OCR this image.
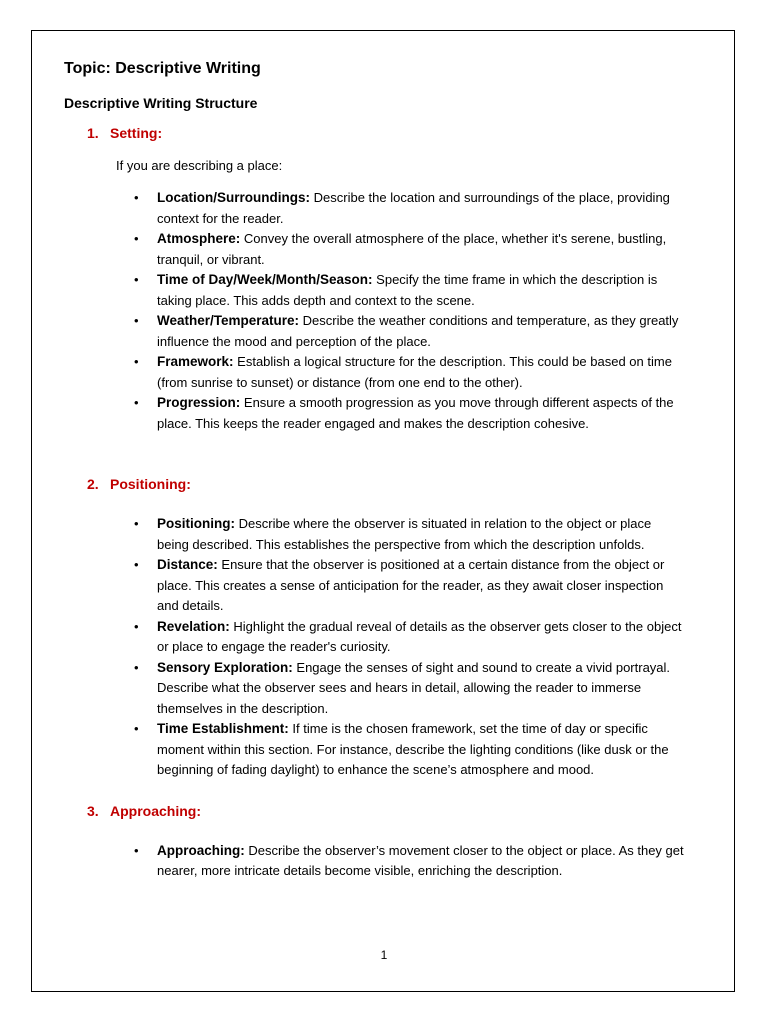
Topic: Descriptive Writing
Descriptive Writing Structure
1. Setting:
If you are describing a place:
• Location/Surroundings: Describe the location and surroundings of the place, providing context for the reader.
• Atmosphere: Convey the overall atmosphere of the place, whether it's serene, bustling, tranquil, or vibrant.
• Time of Day/Week/Month/Season: Specify the time frame in which the description is taking place. This adds depth and context to the scene.
• Weather/Temperature: Describe the weather conditions and temperature, as they greatly influence the mood and perception of the place.
• Framework: Establish a logical structure for the description. This could be based on time (from sunrise to sunset) or distance (from one end to the other).
• Progression: Ensure a smooth progression as you move through different aspects of the place. This keeps the reader engaged and makes the description cohesive.
2. Positioning:
• Positioning: Describe where the observer is situated in relation to the object or place being described. This establishes the perspective from which the description unfolds.
• Distance: Ensure that the observer is positioned at a certain distance from the object or place. This creates a sense of anticipation for the reader, as they await closer inspection and details.
• Revelation: Highlight the gradual reveal of details as the observer gets closer to the object or place to engage the reader's curiosity.
• Sensory Exploration: Engage the senses of sight and sound to create a vivid portrayal. Describe what the observer sees and hears in detail, allowing the reader to immerse themselves in the description.
• Time Establishment: If time is the chosen framework, set the time of day or specific moment within this section. For instance, describe the lighting conditions (like dusk or the beginning of fading daylight) to enhance the scene’s atmosphere and mood.
3. Approaching:
• Approaching: Describe the observer’s movement closer to the object or place. As they get nearer, more intricate details become visible, enriching the description.
1
